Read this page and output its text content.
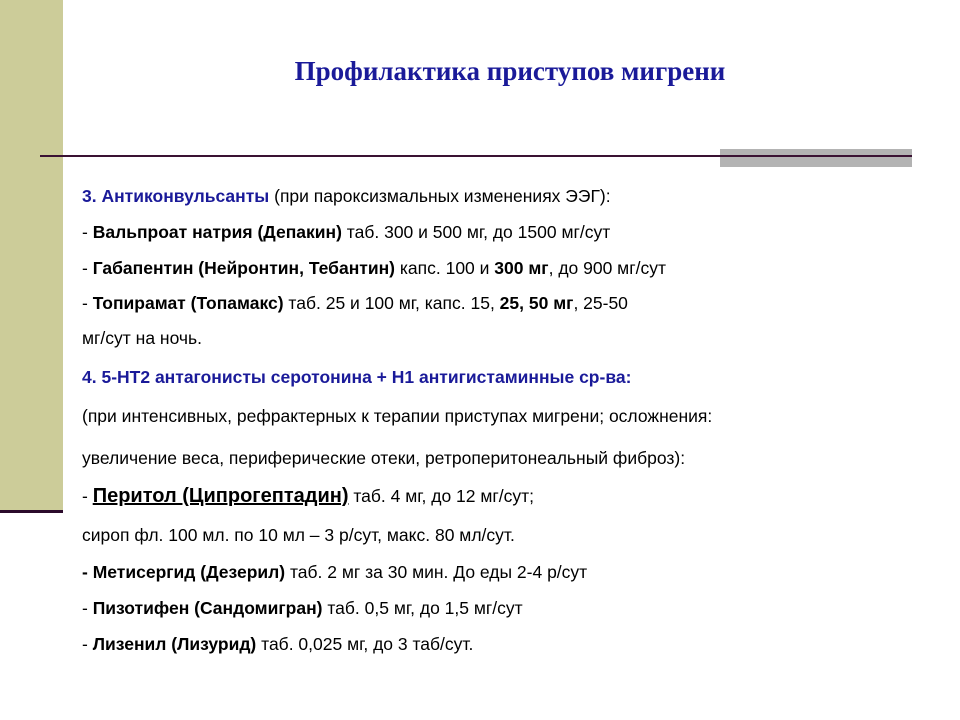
Профилактика приступов мигрени
3. Антиконвульсанты (при пароксизмальных изменениях ЭЭГ):
- Вальпроат натрия (Депакин) таб. 300 и 500 мг, до 1500 мг/сут
- Габапентин (Нейронтин, Тебантин) капс. 100 и 300 мг, до 900 мг/сут
- Топирамат (Топамакс) таб. 25 и 100 мг, капс. 15, 25, 50 мг, 25-50
мг/сут на ночь.
4. 5-НТ2 антагонисты серотонина + Н1 антигистаминные ср-ва:
(при интенсивных, рефрактерных к терапии приступах мигрени; осложнения:
увеличение веса, периферические отеки, ретроперитонеальный фиброз):
- Перитол (Ципрогептадин) таб. 4 мг, до 12 мг/сут;
сироп фл. 100 мл. по 10 мл – 3 р/сут, макс. 80 мл/сут.
- Метисергид (Дезерил) таб. 2 мг за 30 мин. До еды 2-4 р/сут
- Пизотифен (Сандомигран) таб. 0,5 мг, до 1,5 мг/сут
- Лизенил (Лизурид) таб. 0,025 мг, до 3 таб/сут.
